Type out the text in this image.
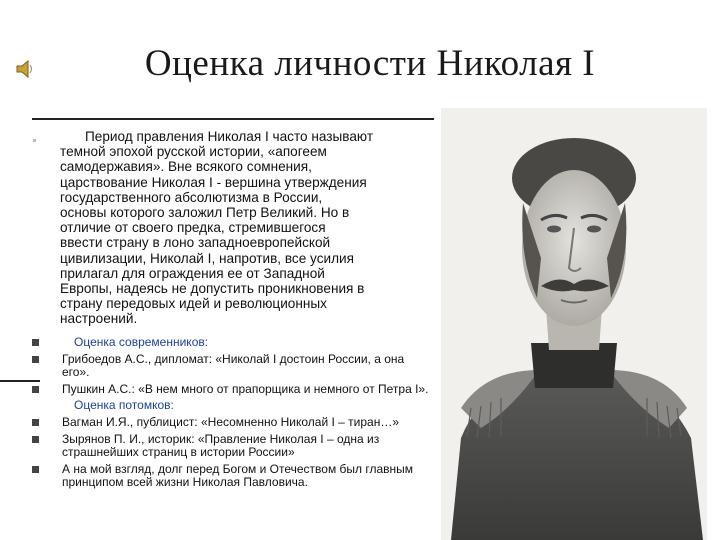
Оценка личности Николая I
Период правления Николая I часто называют
темной эпохой русской истории, «апогеем
самодержавия». Вне всякого сомнения,
царствование Николая I - вершина утверждения
государственного абсолютизма в России,
основы которого заложил Петр Великий. Но в
отличие от своего предка, стремившегося
ввести страну в лоно западноевропейской
цивилизации, Николай I, напротив, все усилия
прилагал для ограждения ее от Западной
Европы, надеясь не допустить проникновения в
страну передовых идей и революционных
настроений.
Оценка современников:
Грибоедов А.С., дипломат: «Николай I достоин России, а она его».
Пушкин А.С.: «В нем много от прапорщика и немного от Петра I».
Оценка потомков:
Вагман И.Я., публицист: «Несомненно Николай I – тиран…»
Зырянов П. И., историк: «Правление Николая I – одна из страшнейших страниц в истории России»
А на мой взгляд, долг перед Богом и Отечеством был главным принципом всей жизни Николая Павловича.
